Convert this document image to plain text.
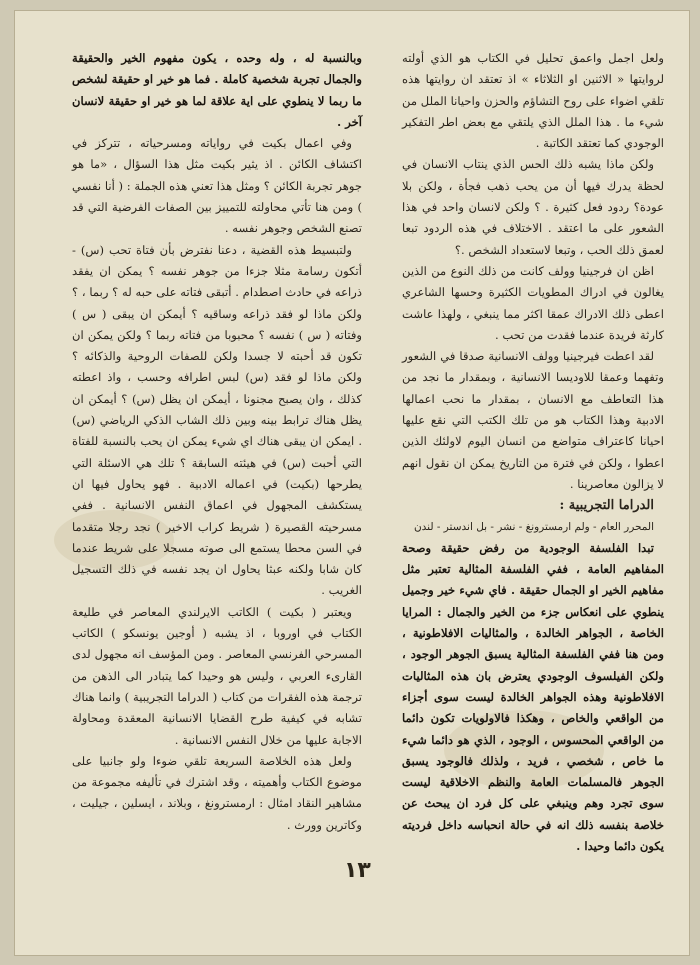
ولعل اجمل واعمق تحليل في الكتاب هو الذي أولته لروايتها « الاثنين او الثلاثاء » اذ تعتقد ان روايتها هذه تلقي اضواء على روح التشاؤم والحزن واحيانا الملل من شيء ما . هذا الملل الذي يلتقي مع بعض اطر التفكير الوجودي كما تعتقد الكاتبة .

ولكن ماذا يشبه ذلك الحس الذي ينتاب الانسان في لحظة يدرك فيها أن من يحب ذهب فجأة ، ولكن بلا عودة؟ ردود فعل كثيرة . ؟ ولكن لانسان واحد في هذا الشعور على ما اعتقد . الاختلاف في هذه الردود تبعا لعمق ذلك الحب ، وتبعا لاستعداد الشخص .؟

اظن ان فرجينيا وولف كانت من ذلك النوع من الذين يغالون في ادراك المطويات الكثيرة وحسها الشاعري اعطى ذلك الادراك عمقا اكثر مما ينبغي ، ولهذا عاشت كارثة فريدة عندما فقدت من تحب .

لقد اعطت فيرجينيا وولف الانسانية صدقا في الشعور وتفهما وعمقا للاوديسا الانسانية ، وبمقدار ما نجد من هذا التعاطف مع الانسان ، بمقدار ما نحب اعمالها الادبية وهذا الكتاب هو من تلك الكتب التي نقع عليها احيانا كاعتراف متواضع من انسان اليوم لاولئك الذين اعطوا ، ولكن في فترة من التاريخ يمكن ان نقول انهم لا يزالون معاصرينا .

الدراما التجريبية :

المحرر العام - ولم ارمسترونغ - نشر - بل اندستر - لندن

تبدا الفلسفة الوجودية من رفض حقيقة وصحة المفاهيم العامة ، ففي الفلسفة المثالية تعتبر مثل مفاهيم الخير او الجمال حقيقة . فاي شيء خير وجميل ينطوي على انعكاس جزء من الخير والجمال : المرايا الخاصة ، الجواهر الخالدة ، والمثاليات الافلاطونية ، ومن هنا ففي الفلسفة المثالية يسبق الجوهر الوجود ، ولكن الفيلسوف الوجودي يعترض بان هذه المثاليات الافلاطونية وهذه الجواهر الخالدة ليست سوى أجزاء من الواقعي والخاص ، وهكذا فالاولويات تكون دائما من الواقعي المحسوس ، الوجود ، الذي هو دائما شيء ما خاص ، شخصي ، فريد ، ولذلك فالوجود يسبق الجوهر فالمسلمات العامة والنظم الاخلاقية ليست سوى تجرد وهم وينبغي على كل فرد ان يبحث عن خلاصة بنفسه ذلك انه في حالة انحباسه داخل فرديته يكون دائما وحيدا .

وبالنسبة له ، وله وحده ، يكون مفهوم الخير والحقيقة والجمال تجربة شخصية كاملة . فما هو خير او حقيقة لشخص ما ربما لا ينطوي على اية علاقة لما هو خير او حقيقة لانسان آخر .

وفي اعمال بكيت في رواياته ومسرحياته ، تتركز في اكتشاف الكائن . اذ يثير بكيت مثل هذا السؤال ، «ما هو جوهر تجربة الكائن ؟ ومثل هذا تعني هذه الجملة : ( أنا نفسي ) ومن هنا تأتي محاولته للتمييز بين الصفات الفرضية التي قد تصنع الشخص وجوهر نفسه .

ولتبسيط هذه القضية ، دعنا نفترض بأن فتاة تحب (س) - أتكون رسامة مثلا جزءا من جوهر نفسه ؟ يمكن ان يفقد ذراعه في حادث اصطدام . أتبقى فتاته على حبه له ؟ ربما ، ؟ ولكن ماذا لو فقد ذراعه وساقيه ؟ أيمكن ان يبقى ( س ) وفتاته ( س ) نفسه ؟ محبوبا من فتاته ربما ؟ ولكن يمكن ان تكون قد أحبته لا جسدا ولكن للصفات الروحية والذكائه ؟ ولكن ماذا لو فقد (س) لبس اطرافه وحسب ، واذ اعطته كذلك ، وان يصبح مجنونا ، أيمكن ان يظل (س) ؟ أيمكن ان يظل هناك ترابط بينه وبين ذلك الشاب الذكي الرياضي (س) . ايمكن ان يبقى هناك اي شيء يمكن ان يحب بالنسبة للفتاة التي أحبت (س) في هيئته السابقة ؟ تلك هي الاسئلة التي يطرحها (بكيت) في اعماله الادبية . فهو يحاول فيها ان يستكشف المجهول في اعماق النفس الانسانية . ففي مسرحيته القصيرة ( شريط كراب الاخير ) نجد رجلا متقدما في السن محطا يستمع الى صوته مسجلا على شريط عندما كان شابا ولكنه عبثا يحاول ان يجد نفسه في ذلك التسجيل الغريب .

ويعتبر ( بكيت ) الكاتب الايرلندي المعاصر في طليعة الكتاب في اوروبا ، اذ يشبه ( أوجين يونسكو ) الكاتب المسرحي الفرنسي المعاصر . ومن المؤسف انه مجهول لدى القارىء العربي ، وليس هو وحيدا كما يتبادر الى الذهن من ترجمة هذه الفقرات من كتاب ( الدراما التجريبية ) وانما هناك تشابه في كيفية طرح القضايا الانسانية المعقدة ومحاولة الاجابة عليها من خلال النفس الانسانية .

ولعل هذه الخلاصة السريعة تلقي ضوءا ولو جانبيا على موضوع الكتاب وأهميته ، وقد اشترك في تأليفه مجموعة من مشاهير النقاد امثال : ارمسترونغ ، وبلاند ، ايسلين ، جيليت ، وكاترين وورث .

١٣
